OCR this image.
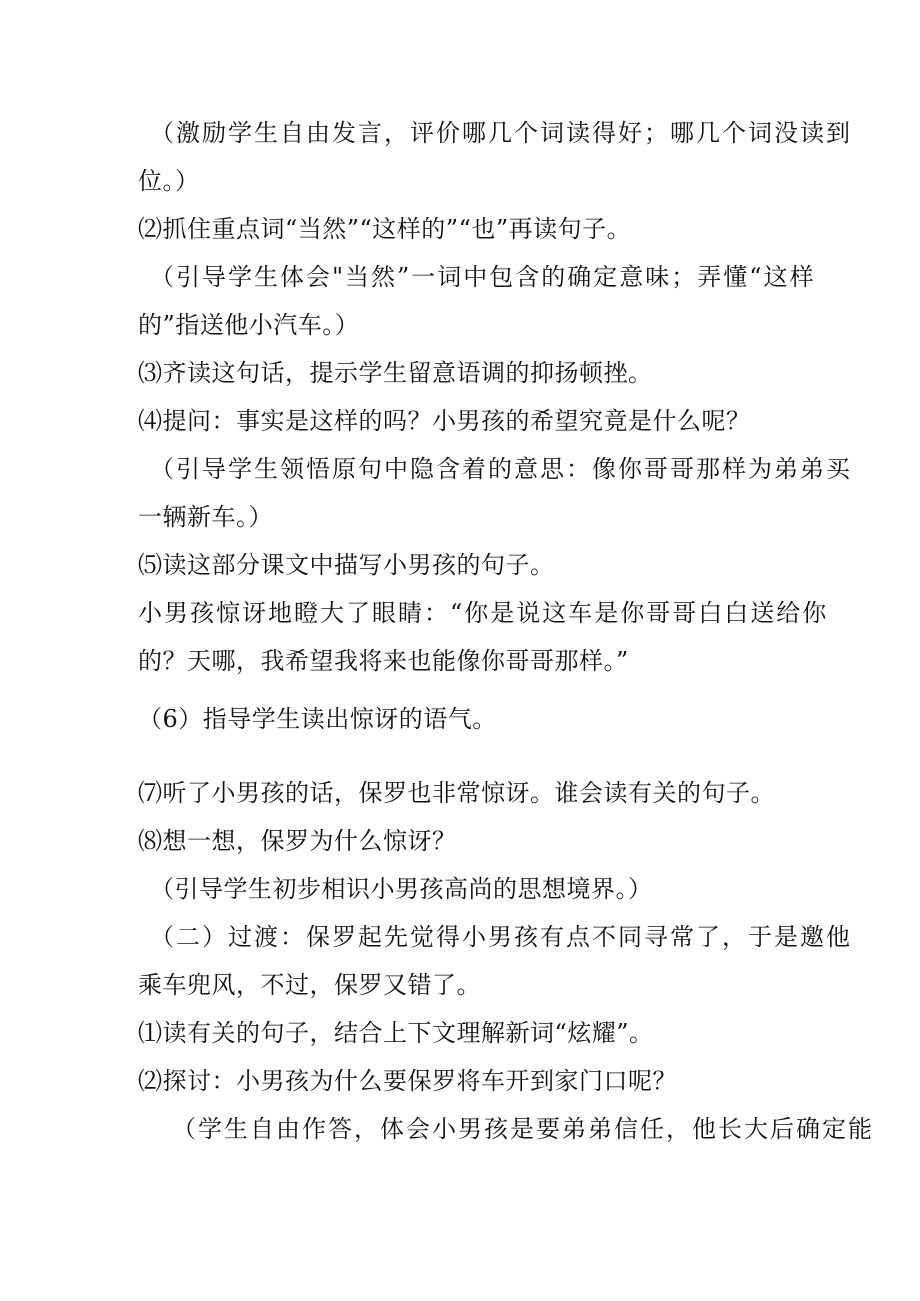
（激励学生自由发言，评价哪几个词读得好；哪几个词没读到
位。）
⑵抓住重点词“当然”“这样的”“也”再读句子。
（引导学生体会"当然”一词中包含的确定意味；弄懂“这样
的”指送他小汽车。）
⑶齐读这句话，提示学生留意语调的抑扬顿挫。
⑷提问：事实是这样的吗？小男孩的希望究竟是什么呢？
（引导学生领悟原句中隐含着的意思：像你哥哥那样为弟弟买
一辆新车。）
⑸读这部分课文中描写小男孩的句子。
小男孩惊讶地瞪大了眼睛：“你是说这车是你哥哥白白送给你
的？天哪，我希望我将来也能像你哥哥那样。”
（6）指导学生读出惊讶的语气。
⑺听了小男孩的话，保罗也非常惊讶。谁会读有关的句子。
⑻想一想，保罗为什么惊讶？
（引导学生初步相识小男孩高尚的思想境界。）
（二）过渡：保罗起先觉得小男孩有点不同寻常了，于是邀他
乘车兜风，不过，保罗又错了。
⑴读有关的句子，结合上下文理解新词“炫耀”。
⑵探讨：小男孩为什么要保罗将车开到家门口呢？
（学生自由作答，体会小男孩是要弟弟信任，他长大后确定能
